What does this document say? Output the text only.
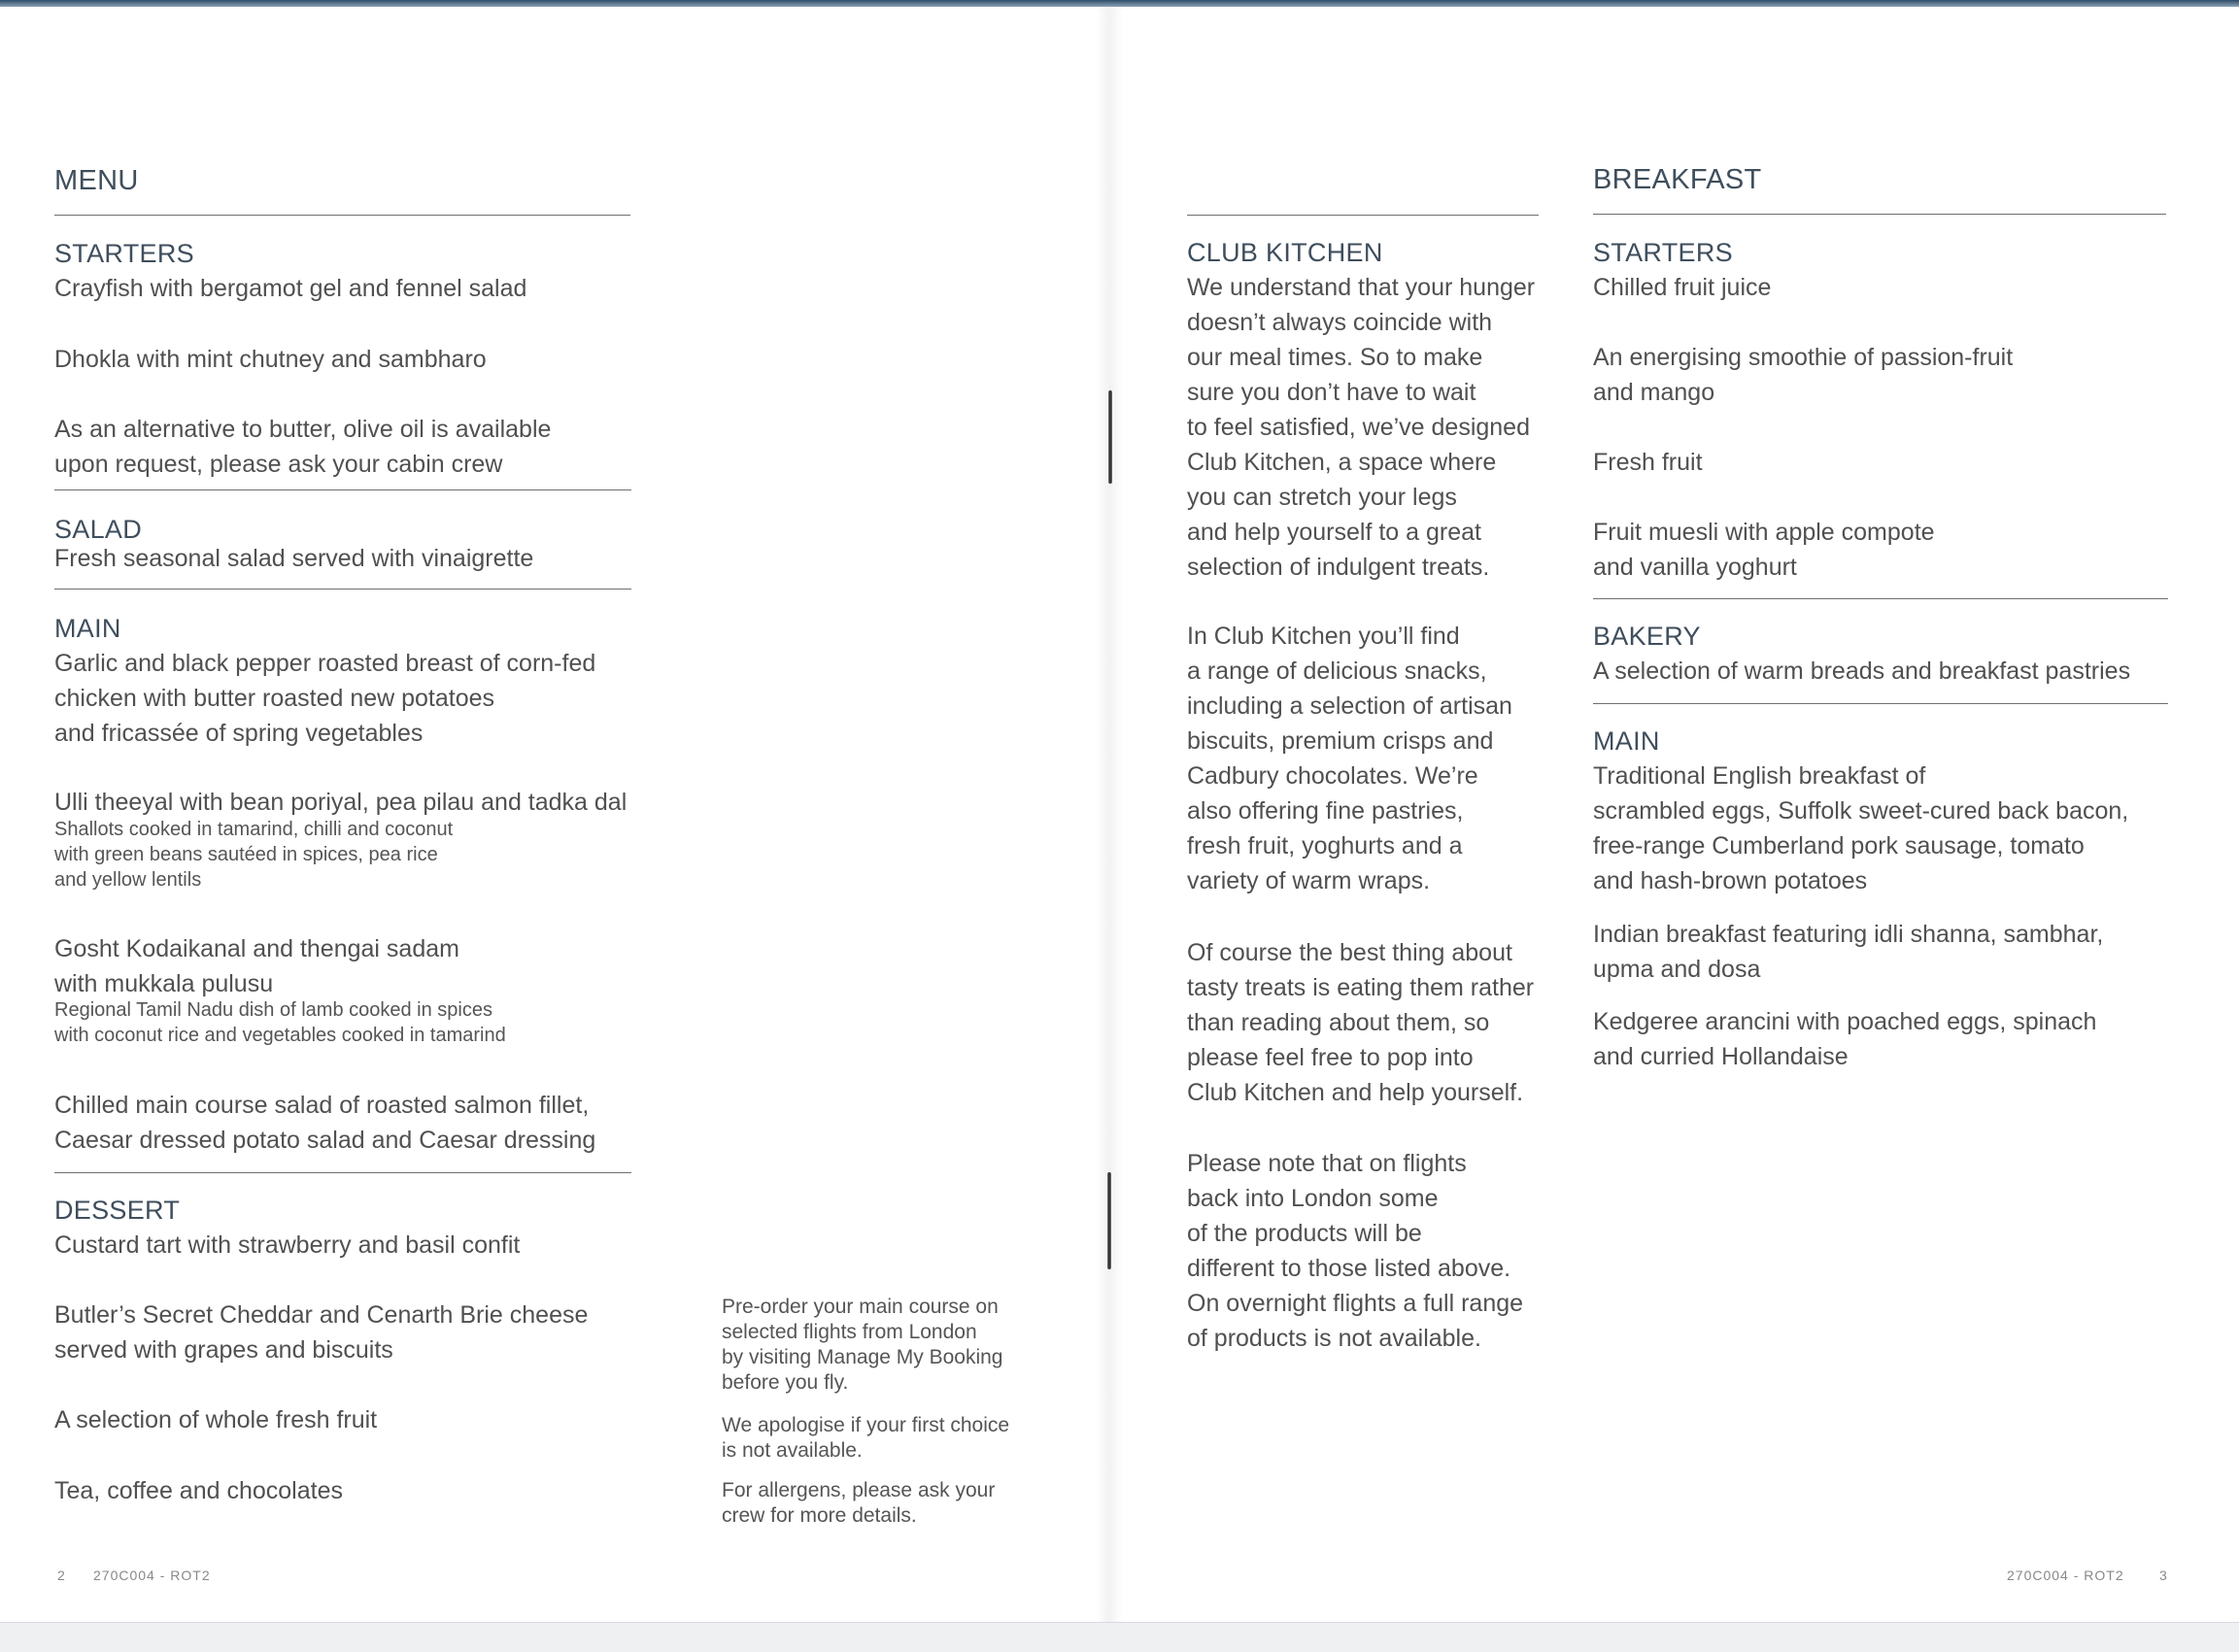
MENU
STARTERS
Crayfish with bergamot gel and fennel salad
Dhokla with mint chutney and sambharo
As an alternative to butter, olive oil is available
upon request, please ask your cabin crew
SALAD
Fresh seasonal salad served with vinaigrette
MAIN
Garlic and black pepper roasted breast of corn-fed
chicken with butter roasted new potatoes
and fricassée of spring vegetables
Ulli theeyal with bean poriyal, pea pilau and tadka dal
Shallots cooked in tamarind, chilli and coconut
with green beans sautéed in spices, pea rice
and yellow lentils
Gosht Kodaikanal and thengai sadam
with mukkala pulusu
Regional Tamil Nadu dish of lamb cooked in spices
with coconut rice and vegetables cooked in tamarind
Chilled main course salad of roasted salmon fillet,
Caesar dressed potato salad and Caesar dressing
DESSERT
Custard tart with strawberry and basil confit
Butler’s Secret Cheddar and Cenarth Brie cheese
served with grapes and biscuits
A selection of whole fresh fruit
Tea, coffee and chocolates
Pre-order your main course on
selected flights from London
by visiting Manage My Booking
before you fly.
We apologise if your first choice
is not available.
For allergens, please ask your
crew for more details.
2 270C004 - ROT2
CLUB KITCHEN
We understand that your hunger
doesn’t always coincide with
our meal times. So to make
sure you don’t have to wait
to feel satisfied, we’ve designed
Club Kitchen, a space where
you can stretch your legs
and help yourself to a great
selection of indulgent treats.
In Club Kitchen you’ll find
a range of delicious snacks,
including a selection of artisan
biscuits, premium crisps and
Cadbury chocolates. We’re
also offering fine pastries,
fresh fruit, yoghurts and a
variety of warm wraps.
Of course the best thing about
tasty treats is eating them rather
than reading about them, so
please feel free to pop into
Club Kitchen and help yourself.
Please note that on flights
back into London some
of the products will be
different to those listed above.
On overnight flights a full range
of products is not available.
BREAKFAST
STARTERS
Chilled fruit juice
An energising smoothie of passion-fruit
and mango
Fresh fruit
Fruit muesli with apple compote
and vanilla yoghurt
BAKERY
A selection of warm breads and breakfast pastries
MAIN
Traditional English breakfast of
scrambled eggs, Suffolk sweet-cured back bacon,
free-range Cumberland pork sausage, tomato
and hash-brown potatoes
Indian breakfast featuring idli shanna, sambhar,
upma and dosa
Kedgeree arancini with poached eggs, spinach
and curried Hollandaise
270C004 - ROT2	3
